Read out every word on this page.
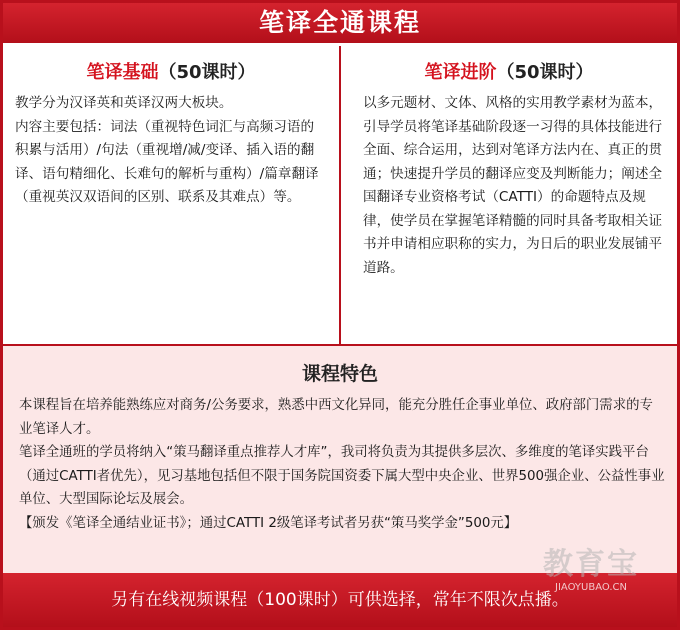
笔译全通课程
笔译基础（50课时）

教学分为汉译英和英译汉两大板块。

内容主要包括：词法（重视特色词汇与高频习语的积累与活用）/句法（重视增/减/变译、插入语的翻译、语句精细化、长难句的解析与重构）/篇章翻译（重视英汉双语间的区别、联系及其难点）等。

笔译进阶（50课时）

以多元题材、文体、风格的实用教学素材为蓝本，引导学员将笔译基础阶段逐一习得的具体技能进行全面、综合运用，达到对笔译方法内在、真正的贯通；快速提升学员的翻译应变及判断能力；阐述全国翻译专业资格考试（CATTI）的命题特点及规律，使学员在掌握笔译精髓的同时具备考取相关证书并申请相应职称的实力，为日后的职业发展铺平道路。

课程特色

本课程旨在培养能熟练应对商务/公务要求，熟悉中西文化异同，能充分胜任企事业单位、政府部门需求的专业笔译人才。

笔译全通班的学员将纳入“策马翻译重点推荐人才库”，我司将负责为其提供多层次、多维度的笔译实践平台（通过CATTI者优先），见习基地包括但不限于国务院国资委下属大型中央企业、世界500强企业、公益性事业单位、大型国际论坛及展会。

【颁发《笔译全通结业证书》；通过CATTI 2级笔译考试者另获“策马奖学金”500元】

另有在线视频课程（100课时）可供选择，常年不限次点播。
教育宝
JIAOYUBAO.CN
